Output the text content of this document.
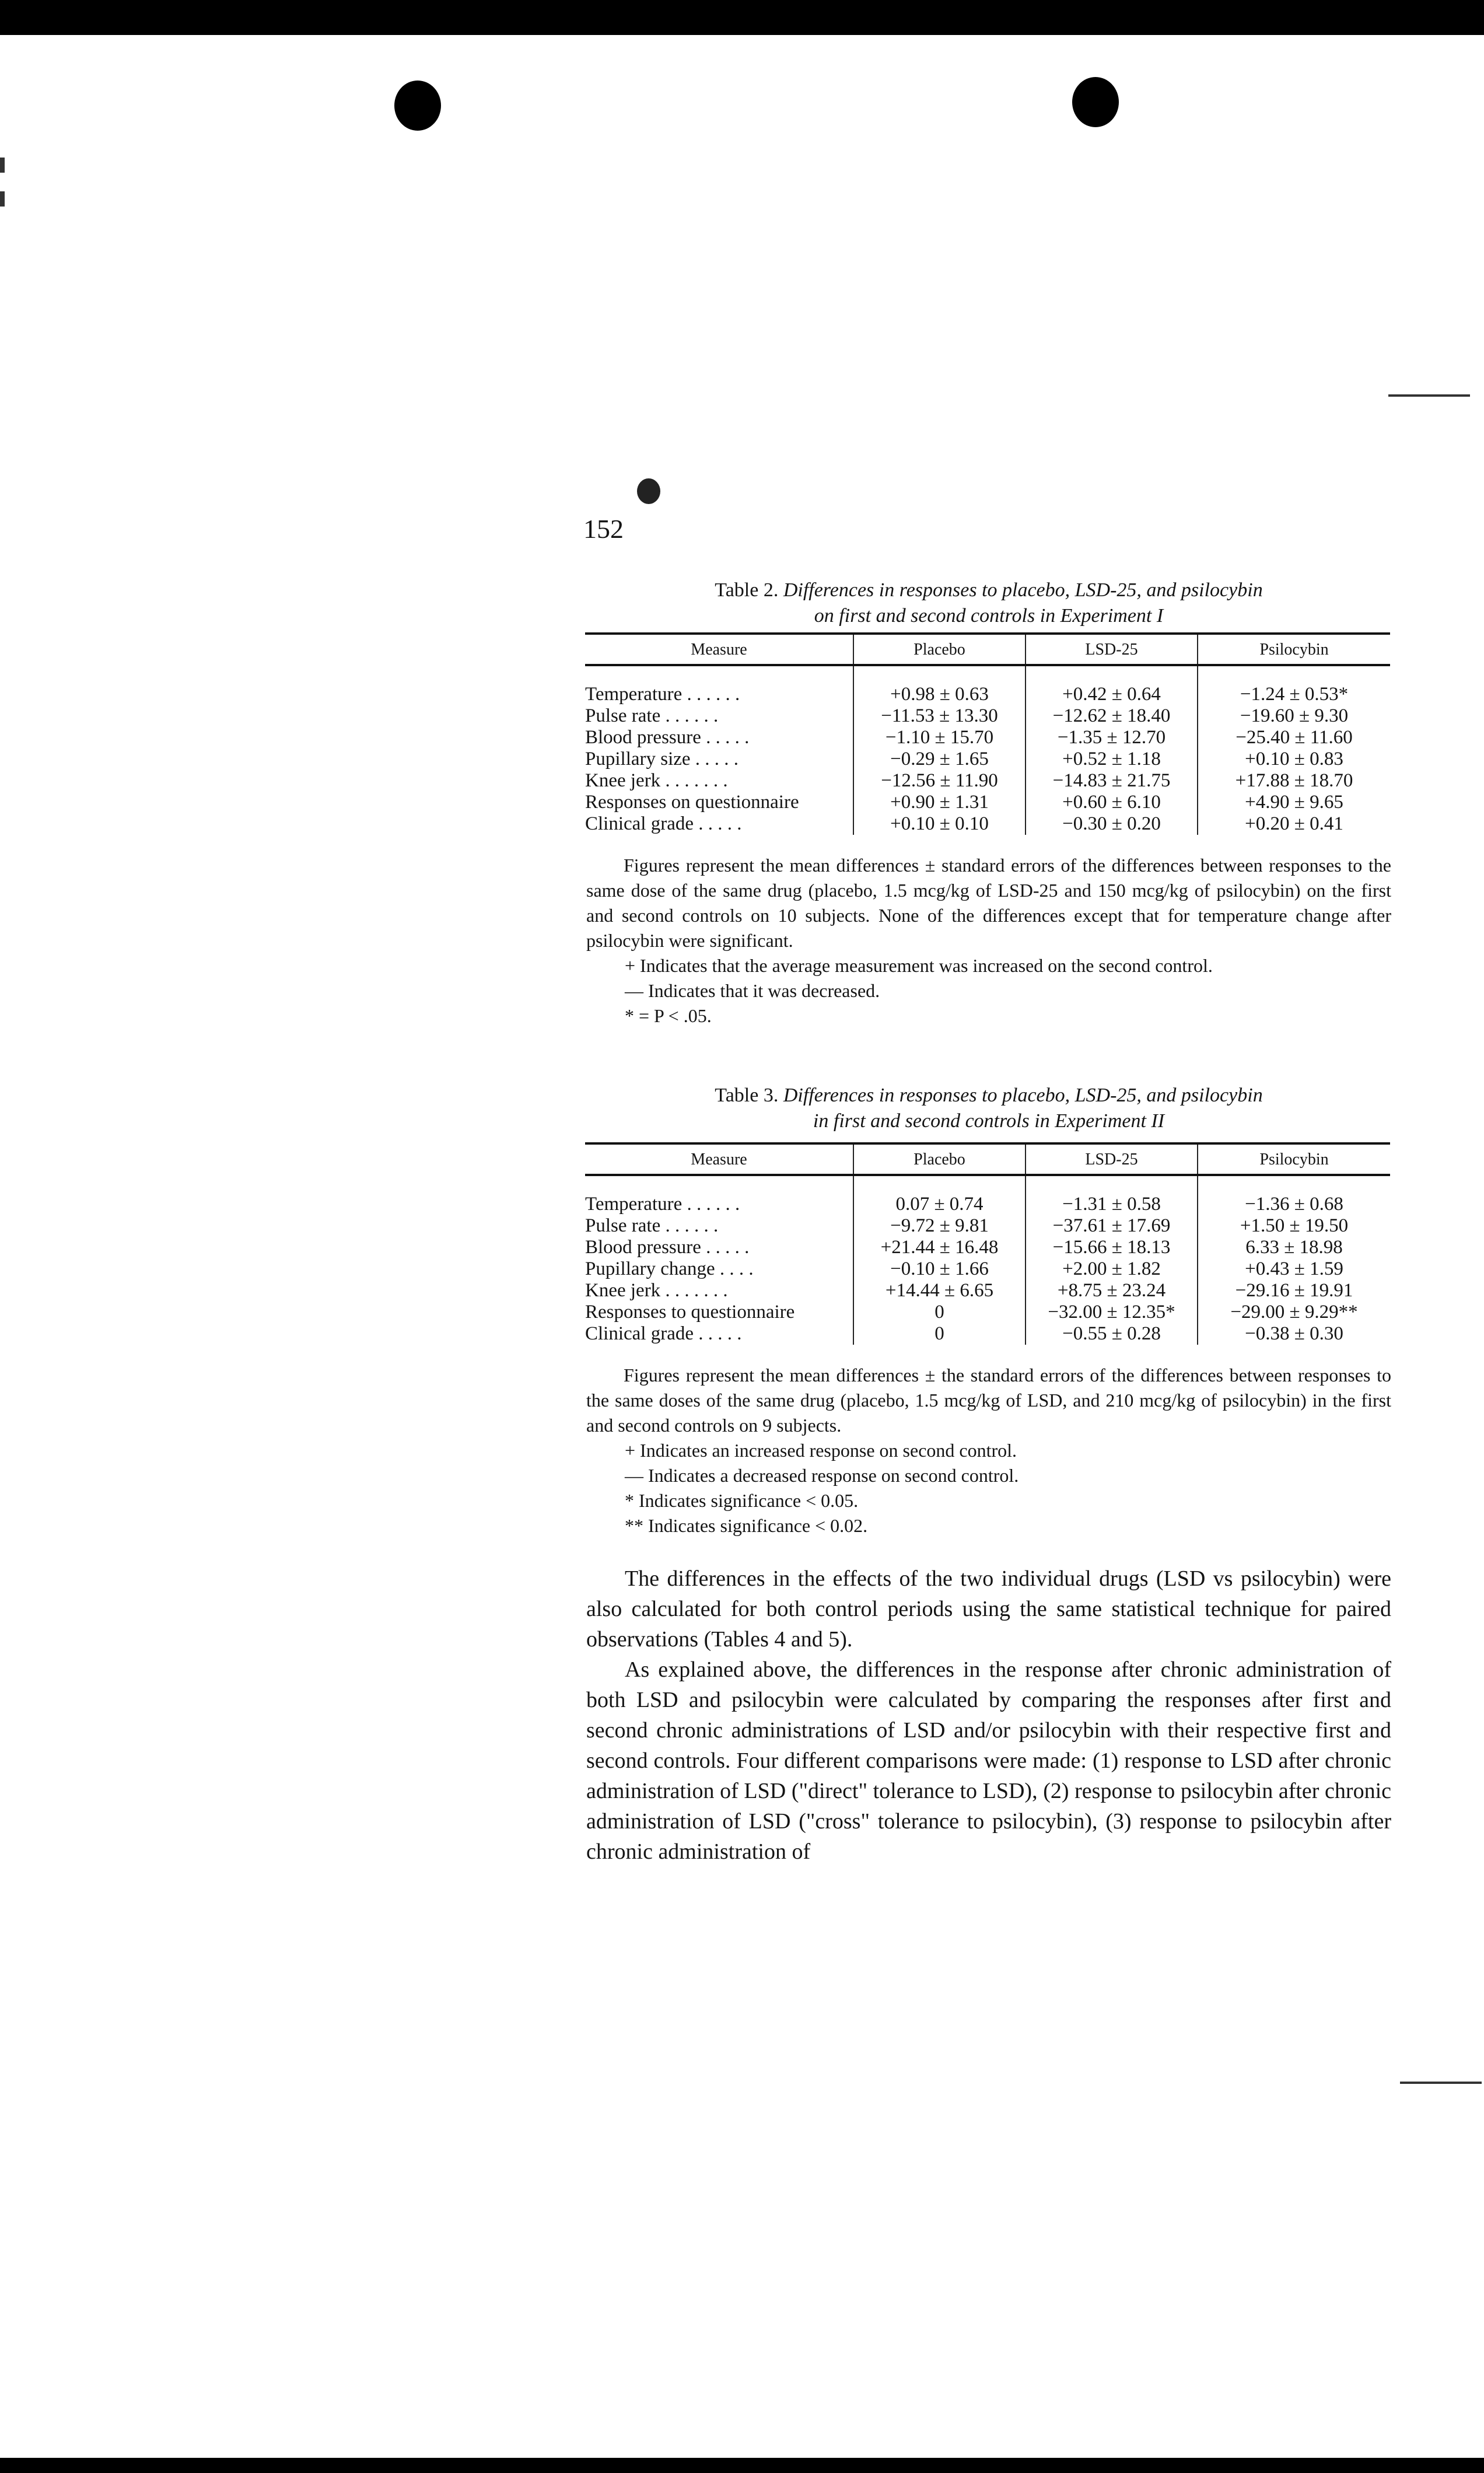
152
Table 2. Differences in responses to placebo, LSD-25, and psilocybin
on first and second controls in Experiment I
Measure	Placebo	LSD-25	Psilocybin

Temperature . . . . . .	+0.98 ± 0.63	+0.42 ± 0.64	−1.24 ± 0.53*
Pulse rate . . . . . .	−11.53 ± 13.30	−12.62 ± 18.40	−19.60 ± 9.30
Blood pressure . . . . .	−1.10 ± 15.70	−1.35 ± 12.70	−25.40 ± 11.60
Pupillary size . . . . .	−0.29 ± 1.65	+0.52 ± 1.18	+0.10 ± 0.83
Knee jerk . . . . . . .	−12.56 ± 11.90	−14.83 ± 21.75	+17.88 ± 18.70
Responses on questionnaire	+0.90 ± 1.31	+0.60 ± 6.10	+4.90 ± 9.65
Clinical grade . . . . .	+0.10 ± 0.10	−0.30 ± 0.20	+0.20 ± 0.41

Figures represent the mean differences ± standard errors of the differences between responses to the same dose of the same drug (placebo, 1.5 mcg/kg of LSD-25 and 150 mcg/kg of psilocybin) on the first and second controls on 10 subjects. None of the differences except that for temperature change after psilocybin were significant.

+ Indicates that the average measurement was increased on the second control.
— Indicates that it was decreased.
* = P < .05.
Table 3. Differences in responses to placebo, LSD-25, and psilocybin
in first and second controls in Experiment II
Measure	Placebo	LSD-25	Psilocybin

Temperature . . . . . .	0.07 ± 0.74	−1.31 ± 0.58	−1.36 ± 0.68
Pulse rate . . . . . .	−9.72 ± 9.81	−37.61 ± 17.69	+1.50 ± 19.50
Blood pressure . . . . .	+21.44 ± 16.48	−15.66 ± 18.13	6.33 ± 18.98
Pupillary change . . . .	−0.10 ± 1.66	+2.00 ± 1.82	+0.43 ± 1.59
Knee jerk . . . . . . .	+14.44 ± 6.65	+8.75 ± 23.24	−29.16 ± 19.91
Responses to questionnaire	0	−32.00 ± 12.35*	−29.00 ± 9.29**
Clinical grade . . . . .	0	−0.55 ± 0.28	−0.38 ± 0.30

Figures represent the mean differences ± the standard errors of the differences between responses to the same doses of the same drug (placebo, 1.5 mcg/kg of LSD, and 210 mcg/kg of psilocybin) in the first and second controls on 9 subjects.

+ Indicates an increased response on second control.
— Indicates a decreased response on second control.
* Indicates significance < 0.05.
** Indicates significance < 0.02.

The differences in the effects of the two individual drugs (LSD vs psilocybin) were also calculated for both control periods using the same statistical technique for paired observations (Tables 4 and 5).

As explained above, the differences in the response after chronic administration of both LSD and psilocybin were calculated by comparing the responses after first and second chronic administrations of LSD and/or psilocybin with their respective first and second controls. Four different comparisons were made: (1) response to LSD after chronic administration of LSD ("direct" tolerance to LSD), (2) response to psilocybin after chronic administration of LSD ("cross" tolerance to psilocybin), (3) response to psilocybin after chronic administration of
